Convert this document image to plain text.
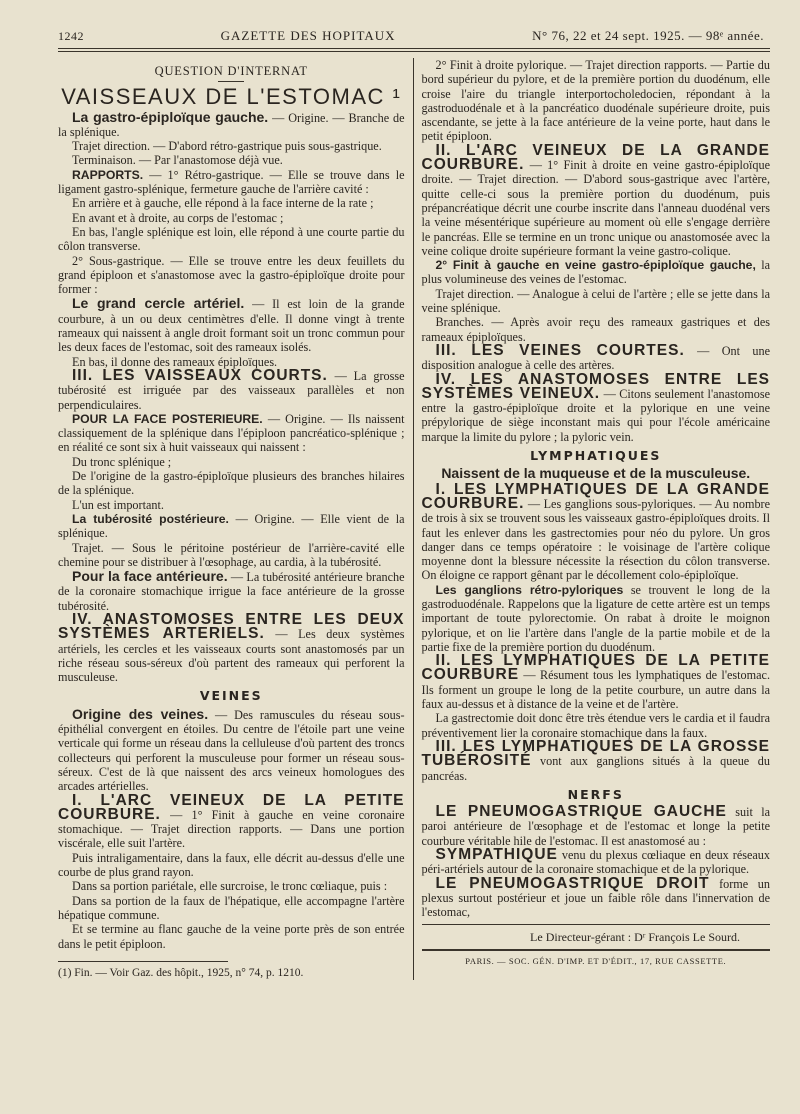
1242	GAZETTE DES HOPITAUX	N° 76, 22 et 24 sept. 1925. — 98ᵉ année.

QUESTION D'INTERNAT

VAISSEAUX DE L'ESTOMAC ¹

La gastro-épiploïque gauche. — Origine. — Branche de la splénique.

Trajet direction. — D'abord rétro-gastrique puis sous-gastrique.

Terminaison. — Par l'anastomose déjà vue.

RAPPORTS. — 1° Rétro-gastrique. — Elle se trouve dans le ligament gastro-splénique, fermeture gauche de l'arrière cavité :

En arrière et à gauche, elle répond à la face interne de la rate ;

En avant et à droite, au corps de l'estomac ;

En bas, l'angle splénique est loin, elle répond à une courte partie du côlon transverse.

2° Sous-gastrique. — Elle se trouve entre les deux feuillets du grand épiploon et s'anastomose avec la gastro-épiploïque droite pour former :

Le grand cercle artériel. — Il est loin de la grande courbure, à un ou deux centimètres d'elle. Il donne vingt à trente rameaux qui naissent à angle droit formant soit un tronc commun pour les deux faces de l'estomac, soit des rameaux isolés.

En bas, il donne des rameaux épiploïques.

III. LES VAISSEAUX COURTS. — La grosse tubérosité est irriguée par des vaisseaux parallèles et non perpendiculaires.

POUR LA FACE POSTERIEURE. — Origine. — Ils naissent classiquement de la splénique dans l'épiploon pancréatico-splénique ; en réalité ce sont six à huit vaisseaux qui naissent :

Du tronc splénique ;

De l'origine de la gastro-épiploïque plusieurs des branches hilaires de la splénique.

L'un est important.

La tubérosité postérieure. — Origine. — Elle vient de la splénique.

Trajet. — Sous le péritoine postérieur de l'arrière-cavité elle chemine pour se distribuer à l'œsophage, au cardia, à la tubérosité.

Pour la face antérieure. — La tubérosité antérieure branche de la coronaire stomachique irrigue la face antérieure de la grosse tubérosité.

IV. ANASTOMOSES ENTRE LES DEUX SYSTÈMES ARTERIELS. — Les deux systèmes artériels, les cercles et les vaisseaux courts sont anastomosés par un riche réseau sous-séreux d'où partent des rameaux qui perforent la musculeuse.

VEINES

Origine des veines. — Des ramuscules du réseau sous-épithélial convergent en étoiles. Du centre de l'étoile part une veine verticale qui forme un réseau dans la celluleuse d'où partent des troncs collecteurs qui perforent la musculeuse pour former un réseau sous-séreux. C'est de là que naissent des arcs veineux homologues des arcades artérielles.

I. L'ARC VEINEUX DE LA PETITE COURBURE. — 1° Finit à gauche en veine coronaire stomachique. — Trajet direction rapports. — Dans une portion viscérale, elle suit l'artère.

Puis intraligamentaire, dans la faux, elle décrit au-dessus d'elle une courbe de plus grand rayon.

Dans sa portion pariétale, elle surcroise, le tronc cœliaque, puis :

Dans sa portion de la faux de l'hépatique, elle accompagne l'artère hépatique commune.

Et se termine au flanc gauche de la veine porte près de son entrée dans le petit épiploon.

(1) Fin. — Voir Gaz. des hôpit., 1925, n° 74, p. 1210.

2° Finit à droite pylorique. — Trajet direction rapports. — Partie du bord supérieur du pylore, et de la première portion du duodénum, elle croise l'aire du triangle interportocholedocien, répondant à la gastroduodénale et à la pancréatico duodénale supérieure droite, puis ascendante, se jette à la face antérieure de la veine porte, haut dans le petit épiploon.

II. L'ARC VEINEUX DE LA GRANDE COURBURE. — 1° Finit à droite en veine gastro-épiploïque droite. — Trajet direction. — D'abord sous-gastrique avec l'artère, quitte celle-ci sous la première portion du duodénum, puis prépancréatique décrit une courbe inscrite dans l'anneau duodénal vers la veine mésentérique supérieure au moment où elle s'engage derrière le pancréas. Elle se termine en un tronc unique ou anastomosée avec la veine colique droite supérieure formant la veine gastro-colique.

2° Finit à gauche en veine gastro-épiploïque gauche, la plus volumineuse des veines de l'estomac.

Trajet direction. — Analogue à celui de l'artère ; elle se jette dans la veine splénique.

Branches. — Après avoir reçu des rameaux gastriques et des rameaux épiploïques.

III. LES VEINES COURTES. — Ont une disposition analogue à celle des artères.

IV. LES ANASTOMOSES ENTRE LES SYSTÈMES VEINEUX. — Citons seulement l'anastomose entre la gastro-épiploïque droite et la pylorique en une veine prépylorique de siège inconstant mais qui pour l'école américaine marque la limite du pylore ; la pyloric vein.

LYMPHATIQUES

Naissent de la muqueuse et de la musculeuse.

I. LES LYMPHATIQUES DE LA GRANDE COURBURE. — Les ganglions sous-pyloriques. — Au nombre de trois à six se trouvent sous les vaisseaux gastro-épiploïques droits. Il faut les enlever dans les gastrectomies pour néo du pylore. Un gros danger dans ce temps opératoire : le voisinage de l'artère colique moyenne dont la blessure nécessite la résection du côlon transverse. On éloigne ce rapport gênant par le décollement colo-épiploïque.

Les ganglions rétro-pyloriques se trouvent le long de la gastroduodénale. Rappelons que la ligature de cette artère est un temps important de toute pylorectomie. On rabat à droite le moignon pylorique, et on lie l'artère dans l'angle de la partie mobile et de la partie fixe de la première portion du duodénum.

II. LES LYMPHATIQUES DE LA PETITE COURBURE — Résument tous les lymphatiques de l'estomac. Ils forment un groupe le long de la petite courbure, un autre dans la faux au-dessus et à distance de la veine et de l'artère.

La gastrectomie doit donc être très étendue vers le cardia et il faudra préventivement lier la coronaire stomachique dans la faux.

III. LES LYMPHATIQUES DE LA GROSSE TUBÉROSITÉ vont aux ganglions situés à la queue du pancréas.

NERFS

LE PNEUMOGASTRIQUE GAUCHE suit la paroi antérieure de l'œsophage et de l'estomac et longe la petite courbure véritable hile de l'estomac. Il est anastomosé au :

SYMPATHIQUE venu du plexus cœliaque en deux réseaux péri-artériels autour de la coronaire stomachique et de la pylorique.

LE PNEUMOGASTRIQUE DROIT forme un plexus surtout postérieur et joue un faible rôle dans l'innervation de l'estomac,

Le Directeur-gérant : Dʳ François Le Sourd.

PARIS. — SOC. GÉN. D'IMP. ET D'ÉDIT., 17, RUE CASSETTE.
